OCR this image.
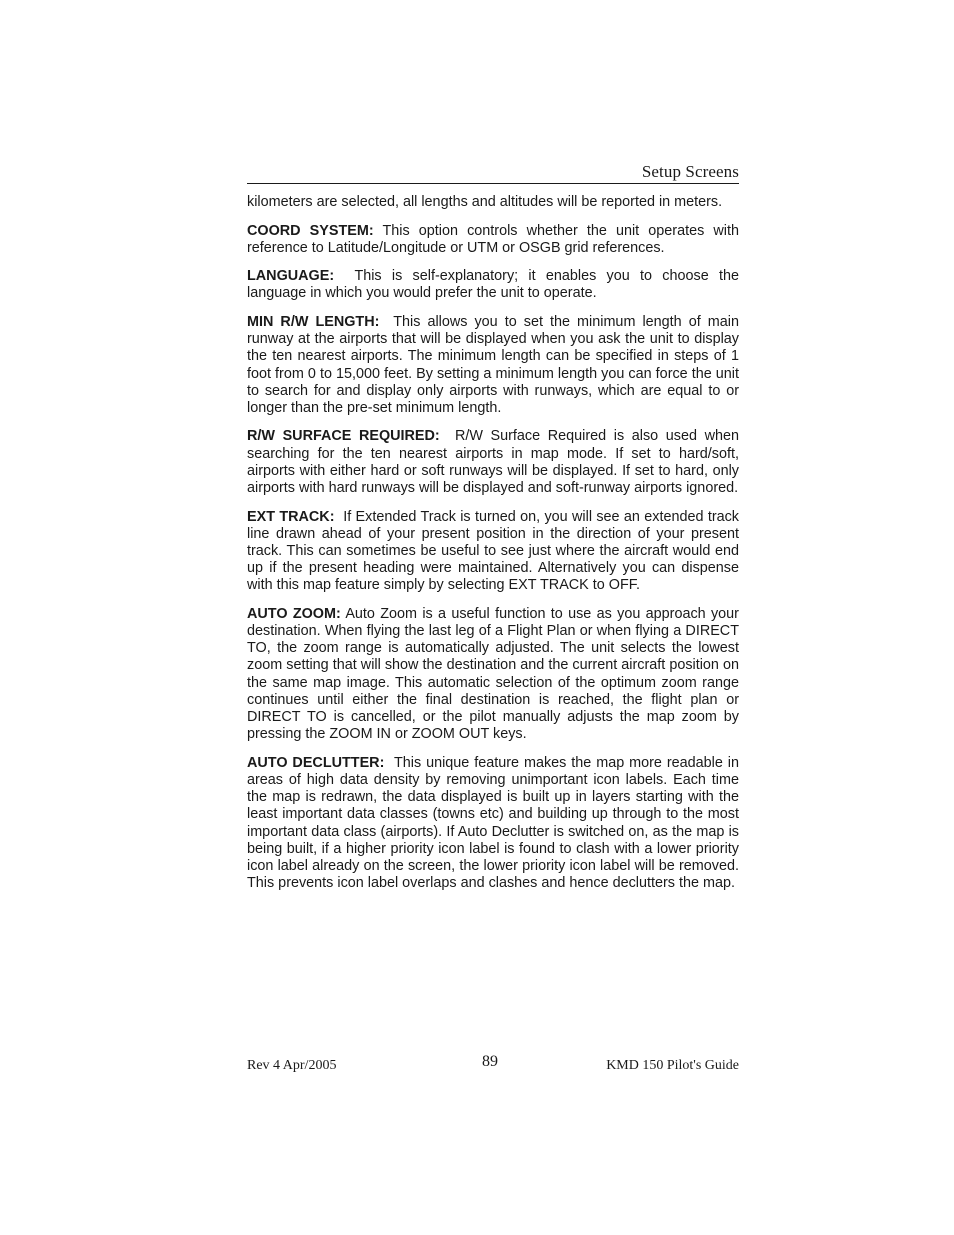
Setup Screens

kilometers are selected, all lengths and altitudes will be reported in meters.

COORD SYSTEM: This option controls whether the unit operates with reference to Latitude/Longitude or UTM or OSGB grid references.

LANGUAGE: This is self-explanatory; it enables you to choose the language in which you would prefer the unit to operate.

MIN R/W LENGTH: This allows you to set the minimum length of main runway at the airports that will be displayed when you ask the unit to display the ten nearest airports. The minimum length can be specified in steps of 1 foot from 0 to 15,000 feet. By setting a minimum length you can force the unit to search for and display only airports with runways, which are equal to or longer than the pre-set minimum length.

R/W SURFACE REQUIRED: R/W Surface Required is also used when searching for the ten nearest airports in map mode. If set to hard/soft, airports with either hard or soft runways will be displayed. If set to hard, only airports with hard runways will be displayed and soft-runway airports ignored.

EXT TRACK: If Extended Track is turned on, you will see an extended track line drawn ahead of your present position in the direction of your present track. This can sometimes be useful to see just where the aircraft would end up if the present heading were maintained. Alternatively you can dispense with this map feature simply by selecting EXT TRACK to OFF.

AUTO ZOOM: Auto Zoom is a useful function to use as you approach your destination. When flying the last leg of a Flight Plan or when flying a DIRECT TO, the zoom range is automatically adjusted. The unit selects the lowest zoom setting that will show the destination and the current aircraft position on the same map image. This automatic selection of the optimum zoom range continues until either the final destination is reached, the flight plan or DIRECT TO is cancelled, or the pilot manually adjusts the map zoom by pressing the ZOOM IN or ZOOM OUT keys.

AUTO DECLUTTER: This unique feature makes the map more readable in areas of high data density by removing unimportant icon labels. Each time the map is redrawn, the data displayed is built up in layers starting with the least important data classes (towns etc) and building up through to the most important data class (airports). If Auto Declutter is switched on, as the map is being built, if a higher priority icon label is found to clash with a lower priority icon label already on the screen, the lower priority icon label will be removed. This prevents icon label overlaps and clashes and hence declutters the map.

Rev 4 Apr/2005	89	KMD 150 Pilot's Guide
